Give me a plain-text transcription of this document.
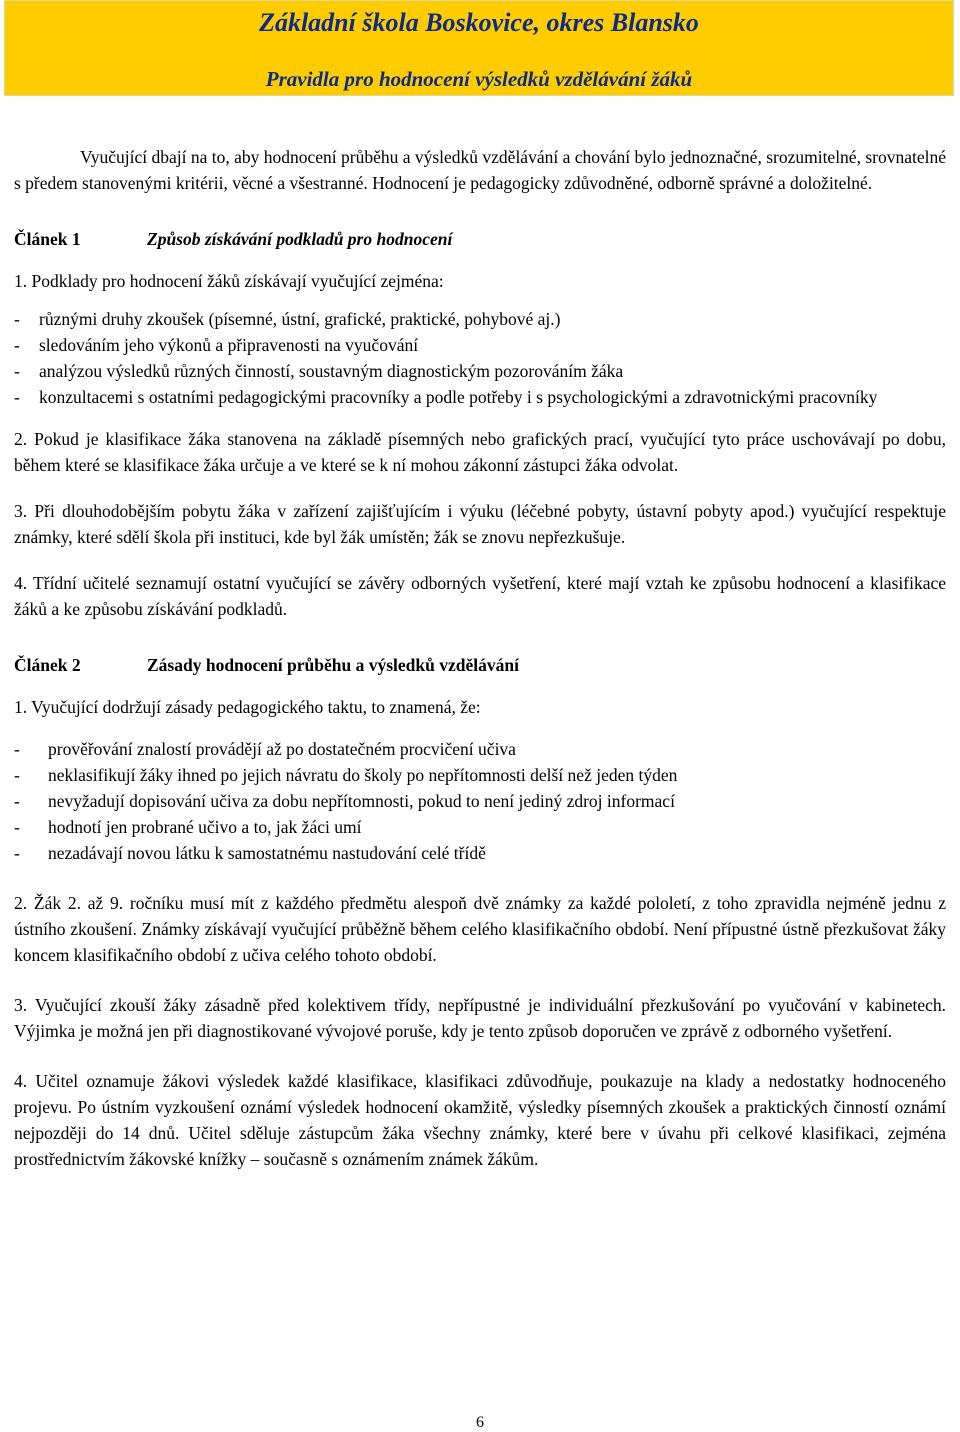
Základní škola Boskovice, okres Blansko
Pravidla pro hodnocení výsledků vzdělávání žáků

Vyučující dbají na to, aby hodnocení průběhu a výsledků vzdělávání a chování bylo jednoznačné, srozumitelné, srovnatelné s předem stanovenými kritérii, věcné a všestranné. Hodnocení je pedagogicky zdůvodněné, odborně správné a doložitelné.

Článek 1	Způsob získávání podkladů pro hodnocení

1. Podklady pro hodnocení žáků získávají vyučující zejména:

-	různými druhy zkoušek (písemné, ústní, grafické, praktické, pohybové aj.)
-	sledováním jeho výkonů a připravenosti na vyučování
-	analýzou výsledků různých činností, soustavným diagnostickým pozorováním žáka
-	konzultacemi s ostatními pedagogickými pracovníky a podle potřeby i s psychologickými a zdravotnickými pracovníky

2. Pokud je klasifikace žáka stanovena na základě písemných nebo grafických prací, vyučující tyto práce uschovávají po dobu, během které se klasifikace žáka určuje a ve které se k ní mohou zákonní zástupci žáka odvolat.

3. Při dlouhodobějším pobytu žáka v zařízení zajišťujícím i výuku (léčebné pobyty, ústavní pobyty apod.) vyučující respektuje známky, které sdělí škola při instituci, kde byl žák umístěn; žák se znovu nepřezkušuje.

4. Třídní učitelé seznamují ostatní vyučující se závěry odborných vyšetření, které mají vztah ke způsobu hodnocení a klasifikace žáků a ke způsobu získávání podkladů.

Článek 2	Zásady hodnocení průběhu a výsledků vzdělávání

1. Vyučující dodržují zásady pedagogického taktu, to znamená, že:

-	prověřování znalostí provádějí až po dostatečném procvičení učiva
-	neklasifikují žáky ihned po jejich návratu do školy po nepřítomnosti delší než jeden týden
-	nevyžadují dopisování učiva za dobu nepřítomnosti, pokud to není jediný zdroj informací
-	hodnotí jen probrané učivo a to, jak žáci umí
-	nezadávají novou látku k samostatnému nastudování celé třídě

2. Žák 2. až 9. ročníku musí mít z každého předmětu alespoň dvě známky za každé pololetí, z toho zpravidla nejméně jednu z ústního zkoušení. Známky získávají vyučující průběžně během celého klasifikačního období. Není přípustné ústně přezkušovat žáky koncem klasifikačního období z učiva celého tohoto období.

3. Vyučující zkouší žáky zásadně před kolektivem třídy, nepřípustné je individuální přezkušování po vyučování v kabinetech. Výjimka je možná jen při diagnostikované vývojové poruše, kdy je tento způsob doporučen ve zprávě z odborného vyšetření.

4. Učitel oznamuje žákovi výsledek každé klasifikace, klasifikaci zdůvodňuje, poukazuje na klady a nedostatky hodnoceného projevu. Po ústním vyzkoušení oznámí výsledek hodnocení okamžitě, výsledky písemných zkoušek a praktických činností oznámí nejpozději do 14 dnů. Učitel sděluje zástupcům žáka všechny známky, které bere v úvahu při celkové klasifikaci, zejména prostřednictvím žákovské knížky – současně s oznámením známek žákům.

6
